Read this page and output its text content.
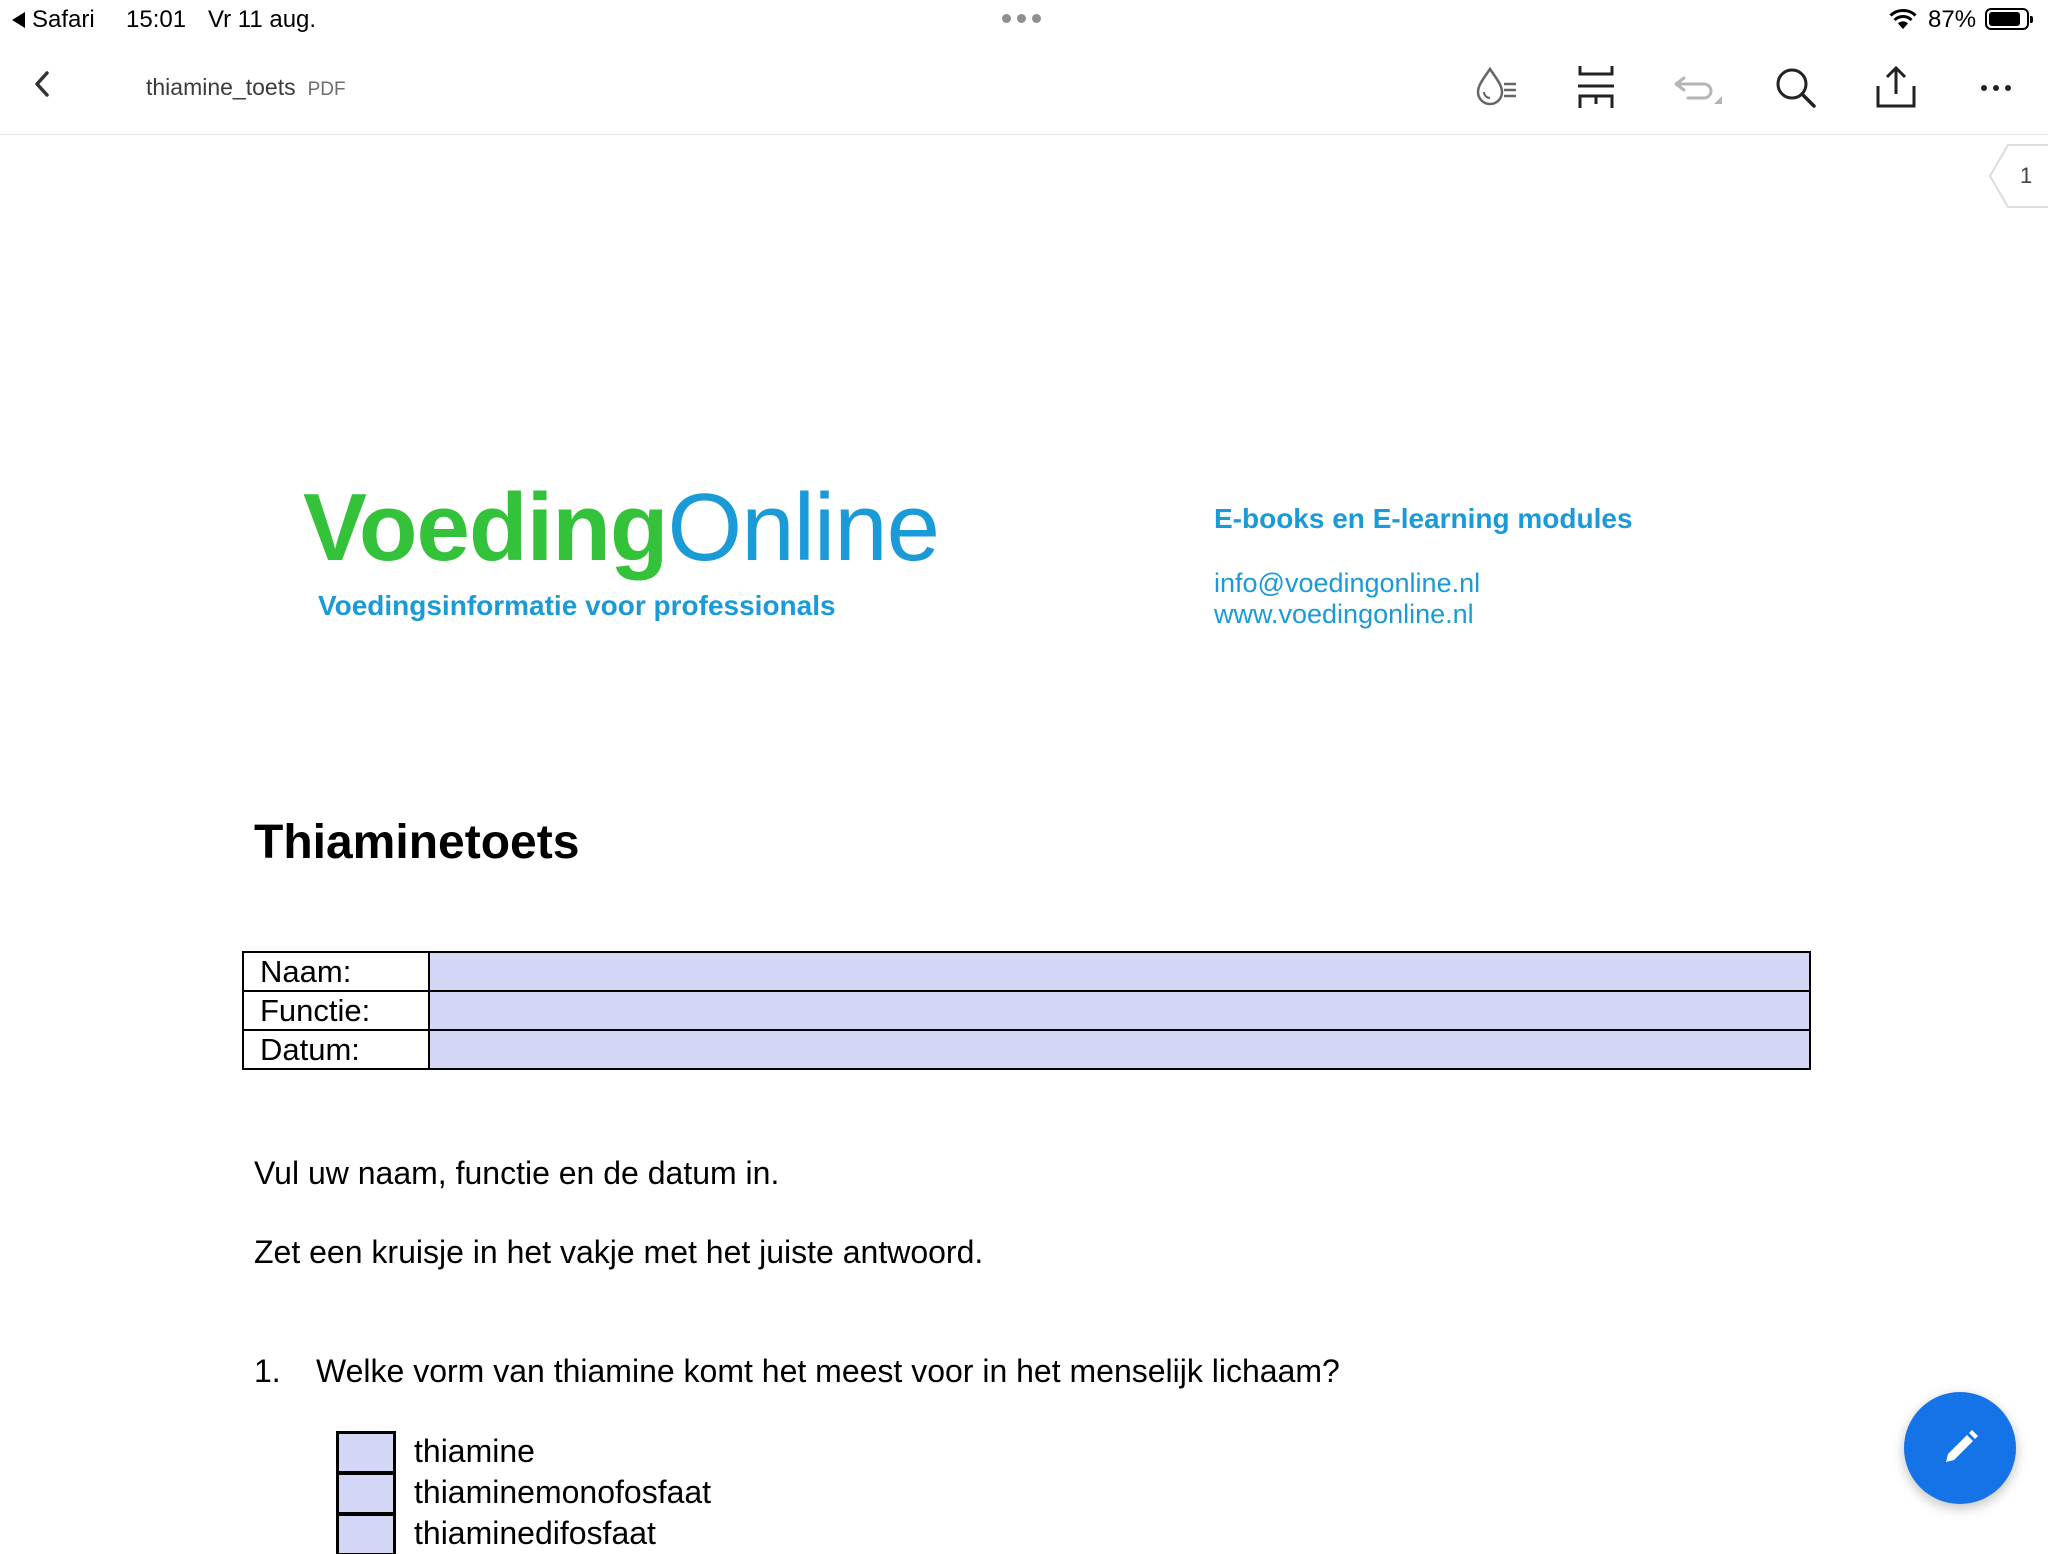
Safari 15:01 Vr 11 aug.	87%
thiamine_toets PDF
1
VoedingOnline
Voedingsinformatie voor professionals
E-books en E-learning modules
info@voedingonline.nl
www.voedingonline.nl
Thiaminetoets
Naam:	
Functie:	
Datum:	
Vul uw naam, functie en de datum in.
Zet een kruisje in het vakje met het juiste antwoord.
1. Welke vorm van thiamine komt het meest voor in het menselijk lichaam?
thiamine
thiaminemonofosfaat
thiaminedifosfaat
